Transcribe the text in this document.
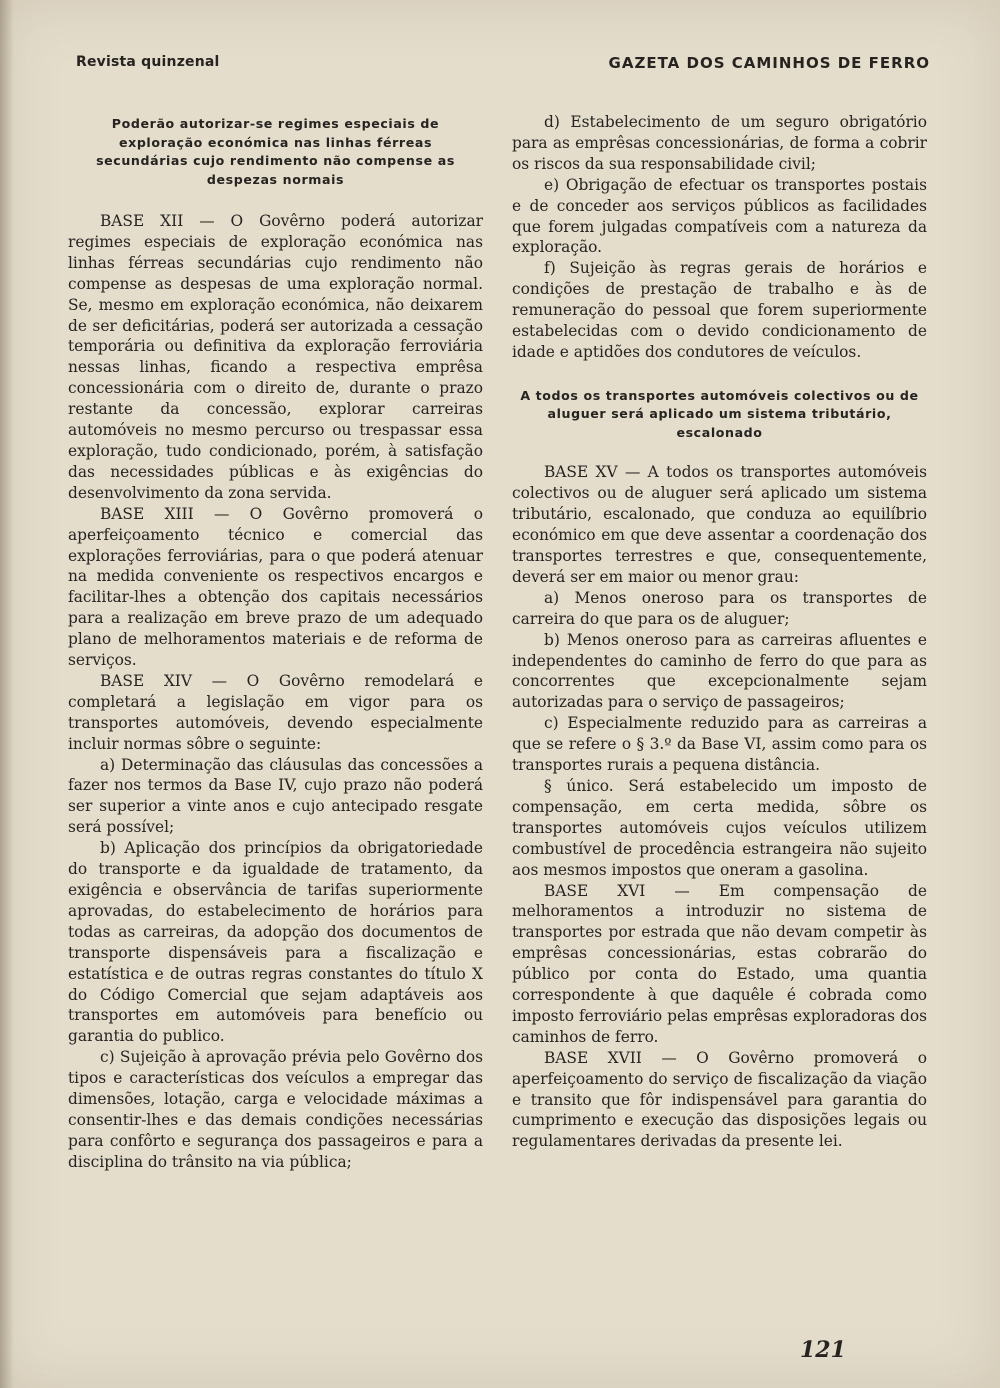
Revista quinzenal	GAZETA DOS CAMINHOS DE FERRO
Poderão autorizar-se regimes especiais de exploração económica nas linhas férreas secundárias cujo rendimento não compense as despezas normais

BASE XII — O Govêrno poderá autorizar regimes especiais de exploração económica nas linhas férreas secundárias cujo rendimento não compense as despesas de uma exploração normal. Se, mesmo em exploração económica, não deixarem de ser deficitárias, poderá ser autorizada a cessação temporária ou definitiva da exploração ferroviária nessas linhas, ficando a respectiva emprêsa concessionária com o direito de, durante o prazo restante da concessão, explorar carreiras automóveis no mesmo percurso ou trespassar essa exploração, tudo condicionado, porém, à satisfação das necessidades públicas e às exigências do desenvolvimento da zona servida.

BASE XIII — O Govêrno promoverá o aperfeiçoamento técnico e comercial das explorações ferroviárias, para o que poderá atenuar na medida conveniente os respectivos encargos e facilitar-lhes a obtenção dos capitais necessários para a realização em breve prazo de um adequado plano de melhoramentos materiais e de reforma de serviços.

BASE XIV — O Govêrno remodelará e completará a legislação em vigor para os transportes automóveis, devendo especialmente incluir normas sôbre o seguinte:

a) Determinação das cláusulas das concessões a fazer nos termos da Base IV, cujo prazo não poderá ser superior a vinte anos e cujo antecipado resgate será possível;

b) Aplicação dos princípios da obrigatoriedade do transporte e da igualdade de tratamento, da exigência e observância de tarifas superiormente aprovadas, do estabelecimento de horários para todas as carreiras, da adopção dos documentos de transporte dispensáveis para a fiscalização e estatística e de outras regras constantes do título X do Código Comercial que sejam adaptáveis aos transportes em automóveis para benefício ou garantia do publico.

c) Sujeição à aprovação prévia pelo Govêrno dos tipos e características dos veículos a empregar das dimensões, lotação, carga e velocidade máximas a consentir-lhes e das demais condições necessárias para confôrto e segurança dos passageiros e para a disciplina do trânsito na via pública;

d) Estabelecimento de um seguro obrigatório para as emprêsas concessionárias, de forma a cobrir os riscos da sua responsabilidade civil;

e) Obrigação de efectuar os transportes postais e de conceder aos serviços públicos as facilidades que forem julgadas compatíveis com a natureza da exploração.

f) Sujeição às regras gerais de horários e condições de prestação de trabalho e às de remuneração do pessoal que forem superiormente estabelecidas com o devido condicionamento de idade e aptidões dos condutores de veículos.

A todos os transportes automóveis colectivos ou de aluguer será aplicado um sistema tributário, escalonado

BASE XV — A todos os transportes automóveis colectivos ou de aluguer será aplicado um sistema tributário, escalonado, que conduza ao equilíbrio económico em que deve assentar a coordenação dos transportes terrestres e que, consequentemente, deverá ser em maior ou menor grau:

a) Menos oneroso para os transportes de carreira do que para os de aluguer;

b) Menos oneroso para as carreiras afluentes e independentes do caminho de ferro do que para as concorrentes que excepcionalmente sejam autorizadas para o serviço de passageiros;

c) Especialmente reduzido para as carreiras a que se refere o § 3.º da Base VI, assim como para os transportes rurais a pequena distância.

§ único. Será estabelecido um imposto de compensação, em certa medida, sôbre os transportes automóveis cujos veículos utilizem combustível de procedência estrangeira não sujeito aos mesmos impostos que oneram a gasolina.

BASE XVI — Em compensação de melhoramentos a introduzir no sistema de transportes por estrada que não devam competir às emprêsas concessionárias, estas cobrarão do público por conta do Estado, uma quantia correspondente à que daquêle é cobrada como imposto ferroviário pelas emprêsas exploradoras dos caminhos de ferro.

BASE XVII — O Govêrno promoverá o aperfeiçoamento do serviço de fiscalização da viação e transito que fôr indispensável para garantia do cumprimento e execução das disposições legais ou regulamentares derivadas da presente lei.

121
